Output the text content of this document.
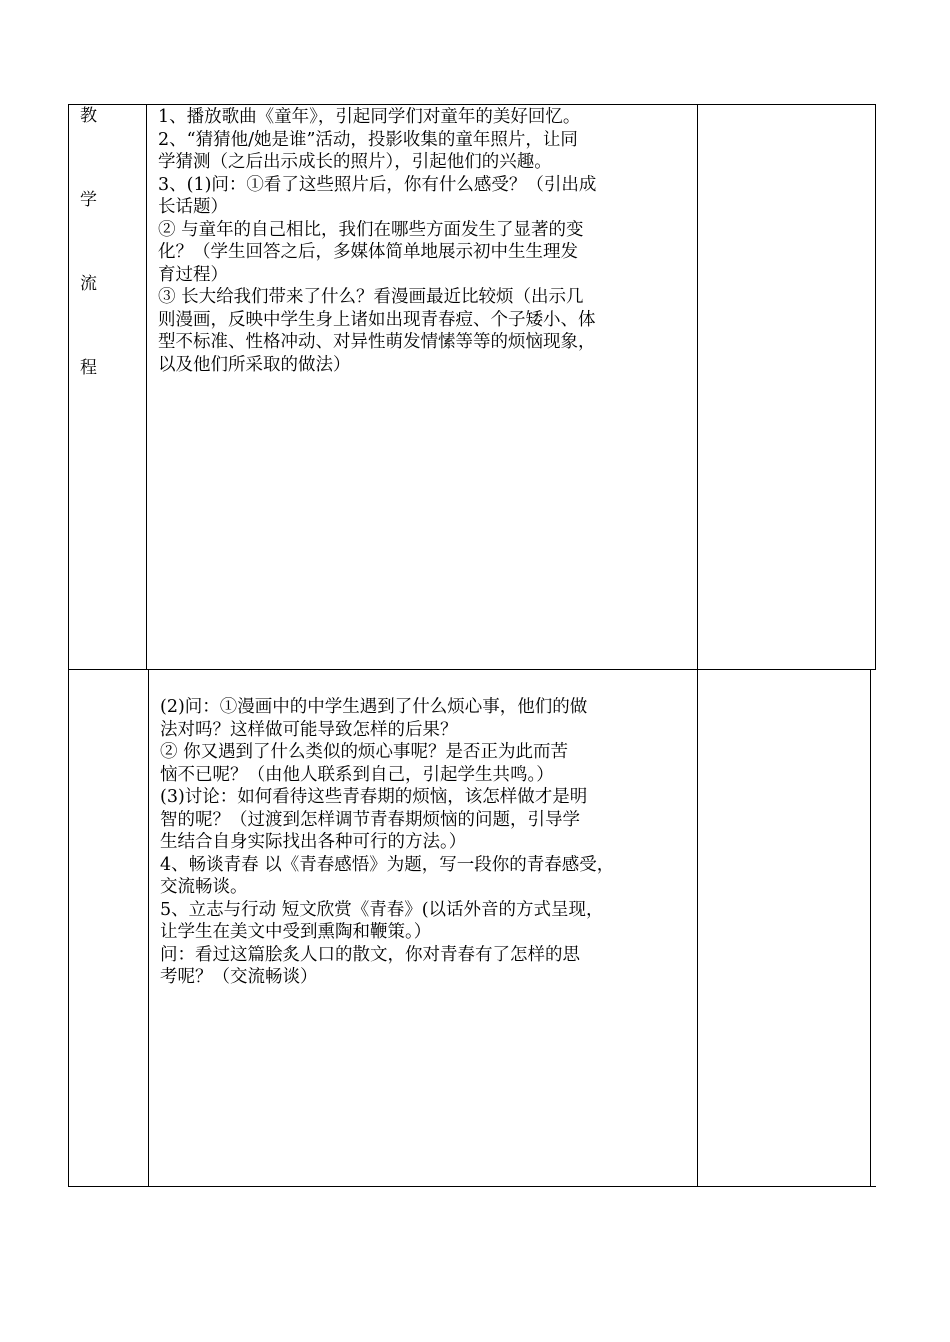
教
学
流
程

1、播放歌曲《童年》，引起同学们对童年的美好回忆。

2、“猜猜他/她是谁”活动，投影收集的童年照片，让同

学猜测（之后出示成长的照片），引起他们的兴趣。

3、(1)问：①看了这些照片后，你有什么感受？（引出成

长话题）

② 与童年的自己相比，我们在哪些方面发生了显著的变

化？（学生回答之后，多媒体简单地展示初中生生理发

育过程）

③ 长大给我们带来了什么？看漫画最近比较烦（出示几

则漫画，反映中学生身上诸如出现青春痘、个子矮小、体

型不标准、性格冲动、对异性萌发情愫等等的烦恼现象，

以及他们所采取的做法）

(2)问：①漫画中的中学生遇到了什么烦心事，他们的做

法对吗？这样做可能导致怎样的后果？

② 你又遇到了什么类似的烦心事呢？是否正为此而苦

恼不已呢？（由他人联系到自己，引起学生共鸣。）

(3)讨论：如何看待这些青春期的烦恼，该怎样做才是明

智的呢？（过渡到怎样调节青春期烦恼的问题，引导学

生结合自身实际找出各种可行的方法。）

4、畅谈青春 以《青春感悟》为题，写一段你的青春感受，

交流畅谈。

5、立志与行动 短文欣赏《青春》(以话外音的方式呈现，

让学生在美文中受到熏陶和鞭策。）

问：看过这篇脍炙人口的散文，你对青春有了怎样的思

考呢？（交流畅谈）
